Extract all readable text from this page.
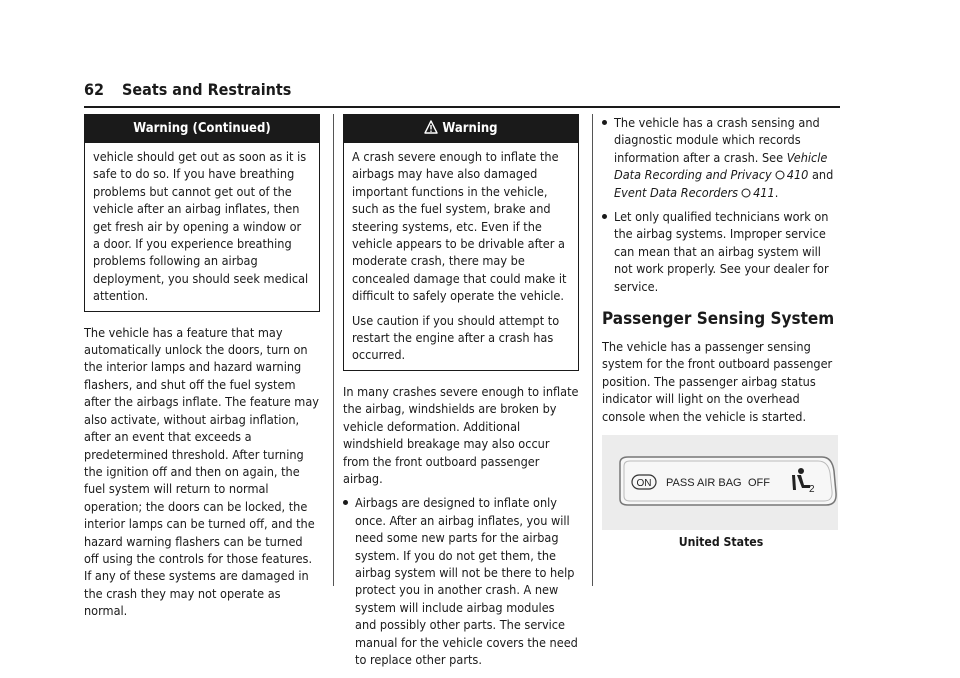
62 Seats and Restraints
Warning (Continued)

vehicle should get out as soon as it is safe to do so. If you have breathing problems but cannot get out of the vehicle after an airbag inflates, then get fresh air by opening a window or a door. If you experience breathing problems following an airbag deployment, you should seek medical attention.

The vehicle has a feature that may automatically unlock the doors, turn on the interior lamps and hazard warning flashers, and shut off the fuel system after the airbags inflate. The feature may also activate, without airbag inflation, after an event that exceeds a predetermined threshold. After turning the ignition off and then on again, the fuel system will return to normal operation; the doors can be locked, the interior lamps can be turned off, and the hazard warning flashers can be turned off using the controls for those features. If any of these systems are damaged in the crash they may not operate as normal.

Warning

A crash severe enough to inflate the airbags may have also damaged important functions in the vehicle, such as the fuel system, brake and steering systems, etc. Even if the vehicle appears to be drivable after a moderate crash, there may be concealed damage that could make it difficult to safely operate the vehicle.

Use caution if you should attempt to restart the engine after a crash has occurred.

In many crashes severe enough to inflate the airbag, windshields are broken by vehicle deformation. Additional windshield breakage may also occur from the front outboard passenger airbag.

Airbags are designed to inflate only once. After an airbag inflates, you will need some new parts for the airbag system. If you do not get them, the airbag system will not be there to help protect you in another crash. A new system will include airbag modules and possibly other parts. The service manual for the vehicle covers the need to replace other parts.
The vehicle has a crash sensing and diagnostic module which records information after a crash. See Vehicle Data Recording and Privacy 410 and Event Data Recorders 411.
Let only qualified technicians work on the airbag systems. Improper service can mean that an airbag system will not work properly. See your dealer for service.
Passenger Sensing System

The vehicle has a passenger sensing system for the front outboard passenger position. The passenger airbag status indicator will light on the overhead console when the vehicle is started.

ON PASS AIR BAG OFF
2
United States
